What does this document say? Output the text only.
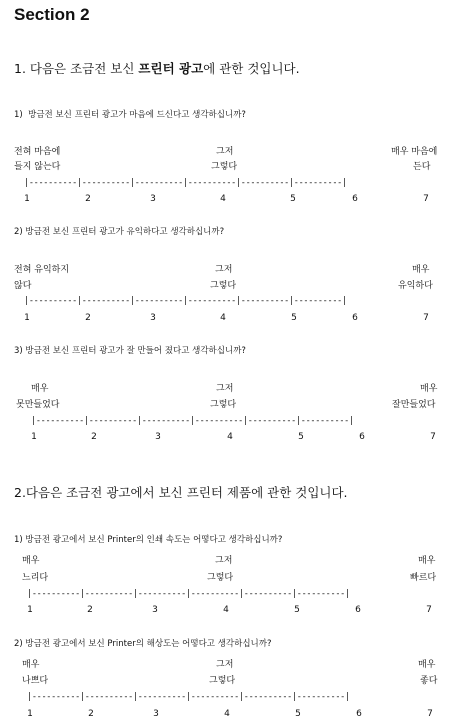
Section 2
1. 다음은 조금전 보신 프린터 광고에 관한 것입니다.
1)  방금전 보신 프린터 광고가 마음에 드신다고 생각하십니까?
전혀 마음에
들지 않는다
그저
그렇다
매우 마음에
든다
|----------|----------|----------|----------|----------|----------|
1	2	3	4	5	6	7
2) 방금전 보신 프린터 광고가 유익하다고 생각하십니까?
전혀 유익하지
않다
그저
그렇다
매우
유익하다
|----------|----------|----------|----------|----------|----------|
1	2	3	4	5	6	7
3) 방금전 보신 프린터 광고가 잘 만들어 졌다고 생각하십니까?
매우
못만들었다
그저
그렇다
매우
잘만들었다
|----------|----------|----------|----------|----------|----------|
1	2	3	4	5	6	7
2.다음은 조금전 광고에서 보신 프린터 제품에 관한 것입니다.
1) 방금전 광고에서 보신 Printer의 인쇄 속도는 어떻다고 생각하십니까?
매우
느리다
그저
그렇다
매우
빠르다
|----------|----------|----------|----------|----------|----------|
1	2	3	4	5	6	7
2) 방금전 광고에서 보신 Printer의 해상도는 어떻다고 생각하십니까?
매우
나쁘다
그저
그렇다
매우
좋다
|----------|----------|----------|----------|----------|----------|
1	2	3	4	5	6	7
